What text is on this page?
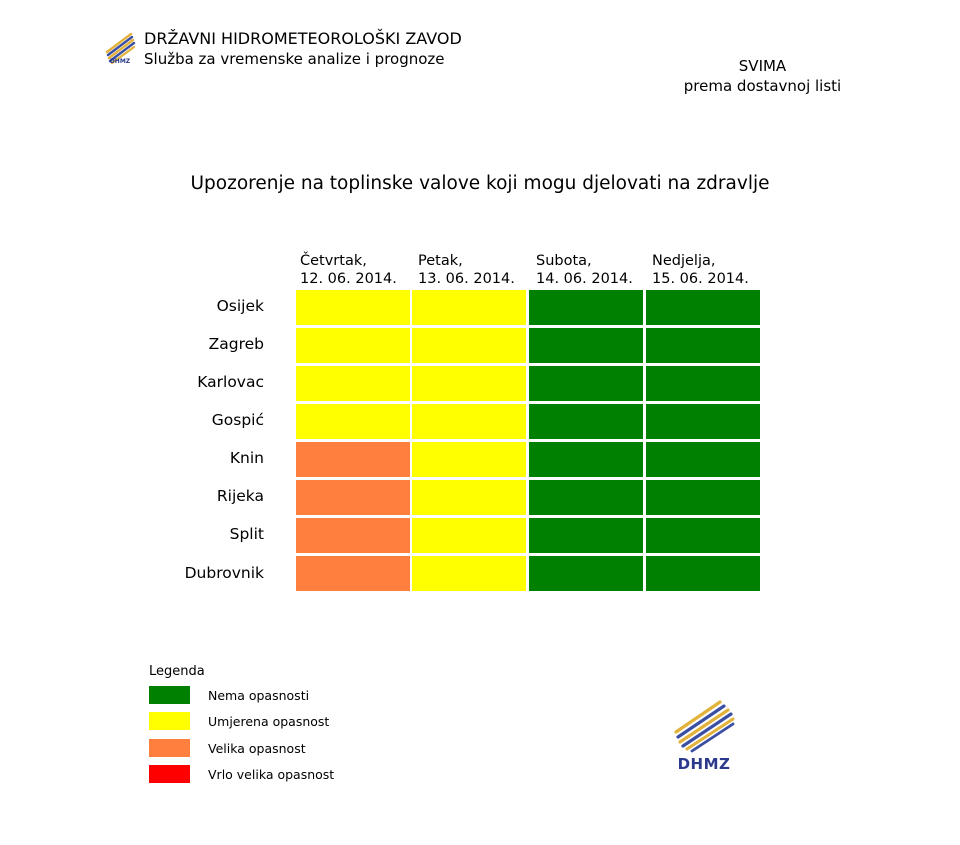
DHMZ
DRŽAVNI HIDROMETEOROLOŠKI ZAVOD
Služba za vremenske analize i prognoze	SVIMA
prema dostavnoj listi
Upozorenje na toplinske valove koji mogu djelovati na zdravlje
Četvrtak,
12. 06. 2014.
Petak,
13. 06. 2014.
Subota,
14. 06. 2014.
Nedjelja,
15. 06. 2014.
Osijek
Zagreb
Karlovac
Gospić
Knin
Rijeka
Split
Dubrovnik
Legenda
Nema opasnosti
Umjerena opasnost
Velika opasnost
Vrlo velika opasnost
DHMZ
